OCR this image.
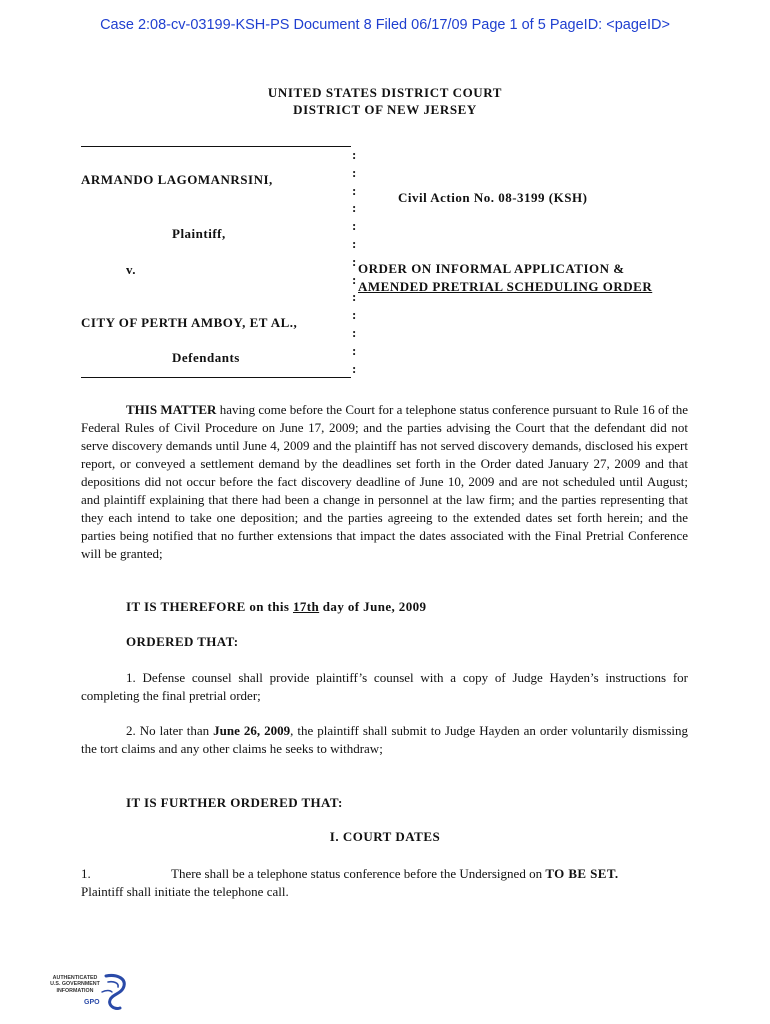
Case 2:08-cv-03199-KSH-PS Document 8 Filed 06/17/09 Page 1 of 5 PageID: <pageID>
UNITED STATES DISTRICT COURT
DISTRICT OF NEW JERSEY
:
:
:
:
:
:
:
:
:
:
:
:
:
ARMANDO LAGOMANRSINI,
Plaintiff,
v.
CITY OF PERTH AMBOY, ET AL.,
Defendants
Civil Action No. 08-3199 (KSH)
ORDER ON INFORMAL APPLICATION &
AMENDED PRETRIAL SCHEDULING ORDER
THIS MATTER having come before the Court for a telephone status conference pursuant to Rule 16 of the Federal Rules of Civil Procedure on June 17, 2009; and the parties advising the Court that the defendant did not serve discovery demands until June 4, 2009 and the plaintiff has not served discovery demands, disclosed his expert report, or conveyed a settlement demand by the deadlines set forth in the Order dated January 27, 2009 and that depositions did not occur before the fact discovery deadline of June 10, 2009 and are not scheduled until August; and plaintiff explaining that there had been a change in personnel at the law firm; and the parties representing that they each intend to take one deposition; and the parties agreeing to the extended dates set forth herein; and the parties being notified that no further extensions that impact the dates associated with the Final Pretrial Conference will be granted;
IT IS THEREFORE on this 17th day of June, 2009
ORDERED THAT:
1. Defense counsel shall provide plaintiff’s counsel with a copy of Judge Hayden’s instructions for completing the final pretrial order;
2. No later than June 26, 2009, the plaintiff shall submit to Judge Hayden an order voluntarily dismissing the tort claims and any other claims he seeks to withdraw;
IT IS FURTHER ORDERED THAT:
I. COURT DATES
1.	There shall be a telephone status conference before the Undersigned on TO BE SET.
Plaintiff shall initiate the telephone call.
AUTHENTICATED
U.S. GOVERNMENT
INFORMATION
GPO
